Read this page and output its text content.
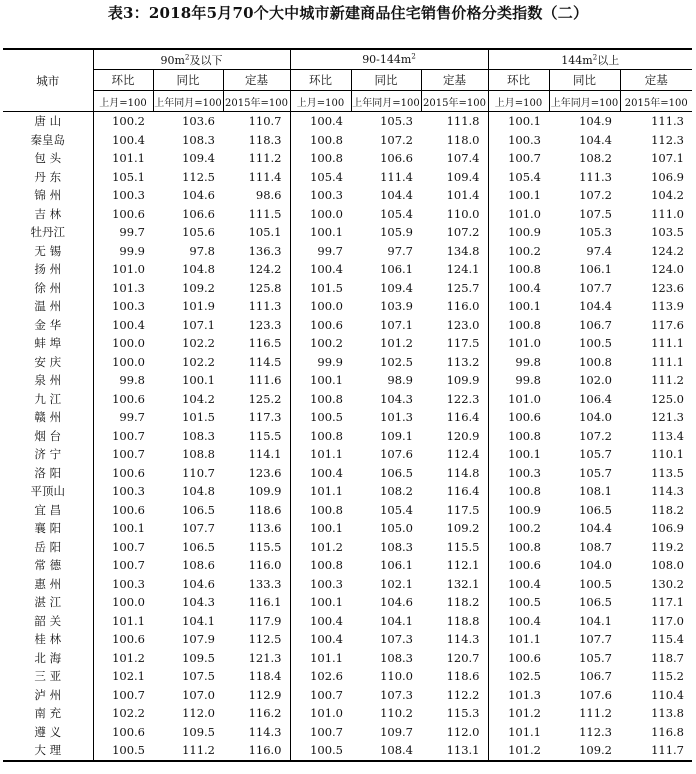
表3：2018年5月70个大中城市新建商品住宅销售价格分类指数（二）
城市	$90m^2$及以下			$90-144m^2$			$144m^2$以上		
	环比	同比	定基	环比	同比	定基	环比	同比	定基
	上月=100	上年同月=100	2015年=100	上月=100	上年同月=100	2015年=100	上月=100	上年同月=100	2015年=100
唐 山	100.2	103.6	110.7	100.4	105.3	111.8	100.1	104.9	111.3
秦皇岛	100.4	108.3	118.3	100.8	107.2	118.0	100.3	104.4	112.3
包 头	101.1	109.4	111.2	100.8	106.6	107.4	100.7	108.2	107.1
丹 东	105.1	112.5	111.4	105.4	111.4	109.4	105.4	111.3	106.9
锦 州	100.3	104.6	98.6	100.3	104.4	101.4	100.1	107.2	104.2
吉 林	100.6	106.6	111.5	100.0	105.4	110.0	101.0	107.5	111.0
牡丹江	99.7	105.6	105.1	100.1	105.9	107.2	100.9	105.3	103.5
无 锡	99.9	97.8	136.3	99.7	97.7	134.8	100.2	97.4	124.2
扬 州	101.0	104.8	124.2	100.4	106.1	124.1	100.8	106.1	124.0
徐 州	101.3	109.2	125.8	101.5	109.4	125.7	100.4	107.7	123.6
温 州	100.3	101.9	111.3	100.0	103.9	116.0	100.1	104.4	113.9
金 华	100.4	107.1	123.3	100.6	107.1	123.0	100.8	106.7	117.6
蚌 埠	100.0	102.2	116.5	100.2	101.2	117.5	101.0	100.5	111.1
安 庆	100.0	102.2	114.5	99.9	102.5	113.2	99.8	100.8	111.1
泉 州	99.8	100.1	111.6	100.1	98.9	109.9	99.8	102.0	111.2
九 江	100.6	104.2	125.2	100.8	104.3	122.3	101.0	106.4	125.0
赣 州	99.7	101.5	117.3	100.5	101.3	116.4	100.6	104.0	121.3
烟 台	100.7	108.3	115.5	100.8	109.1	120.9	100.8	107.2	113.4
济 宁	100.7	108.8	114.1	101.1	107.6	112.4	100.1	105.7	110.1
洛 阳	100.6	110.7	123.6	100.4	106.5	114.8	100.3	105.7	113.5
平顶山	100.3	104.8	109.9	101.1	108.2	116.4	100.8	108.1	114.3
宜 昌	100.6	106.5	118.6	100.8	105.4	117.5	100.9	106.5	118.2
襄 阳	100.1	107.7	113.6	100.1	105.0	109.2	100.2	104.4	106.9
岳 阳	100.7	106.5	115.5	101.2	108.3	115.5	100.8	108.7	119.2
常 德	100.7	108.6	116.0	100.8	106.1	112.1	100.6	104.0	108.0
惠 州	100.3	104.6	133.3	100.3	102.1	132.1	100.4	100.5	130.2
湛 江	100.0	104.3	116.1	100.1	104.6	118.2	100.5	106.5	117.1
韶 关	101.1	104.1	117.9	100.4	104.1	118.8	100.4	104.1	117.0
桂 林	100.6	107.9	112.5	100.4	107.3	114.3	101.1	107.7	115.4
北 海	101.2	109.5	121.3	101.1	108.3	120.7	100.6	105.7	118.7
三 亚	102.1	107.5	118.4	102.6	110.0	118.6	102.5	106.7	115.2
泸 州	100.7	107.0	112.9	100.7	107.3	112.2	101.3	107.6	110.4
南 充	102.2	112.0	116.2	101.0	110.2	115.3	101.2	111.2	113.8
遵 义	100.6	109.5	114.3	100.7	109.7	112.0	101.1	112.3	116.8
大 理	100.5	111.2	116.0	100.5	108.4	113.1	101.2	109.2	111.7
